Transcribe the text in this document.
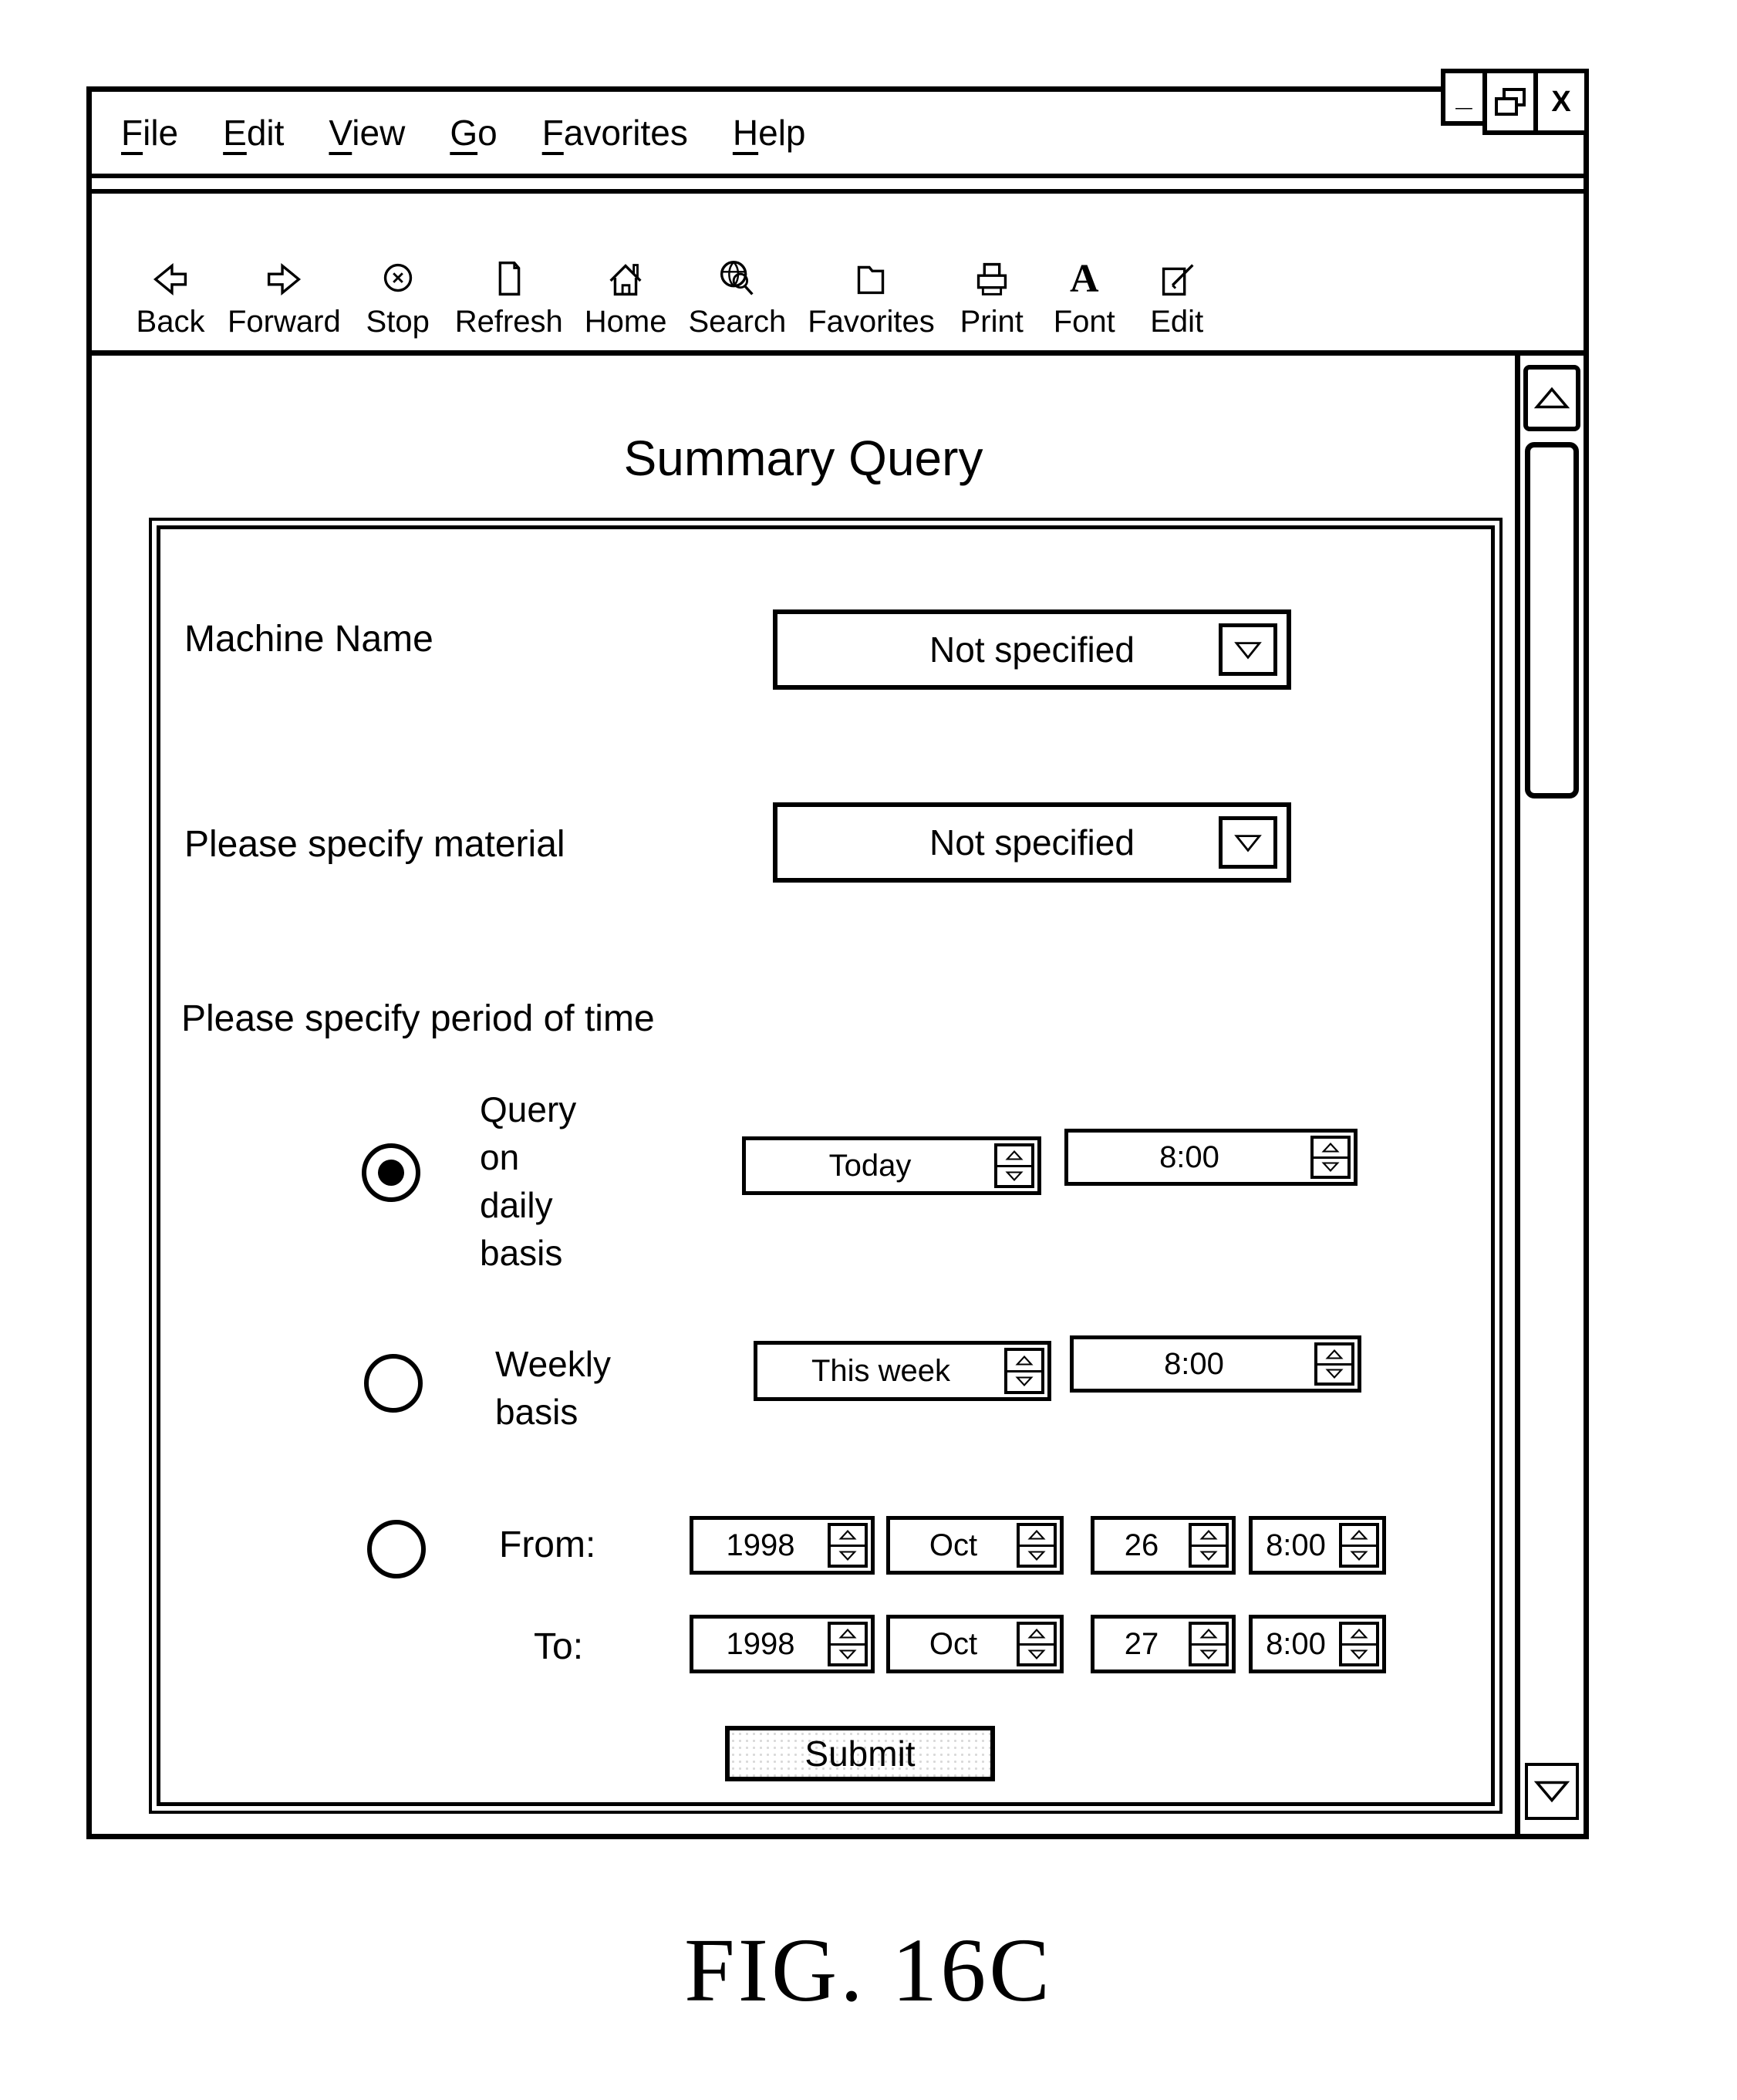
_	X
File Edit View Go Favorites Help
Back Forward Stop Refresh Home Search Favorites Print
A
Font Edit
Summary Query
Machine Name	Not specified
Please specify material	Not specified
Please specify period of time
Query
on
daily
basis
Today	8:00
Weekly
basis
This week	8:00
From:	1998	Oct	26	8:00
To:	1998	Oct	27	8:00
Submit
FIG. 16C
